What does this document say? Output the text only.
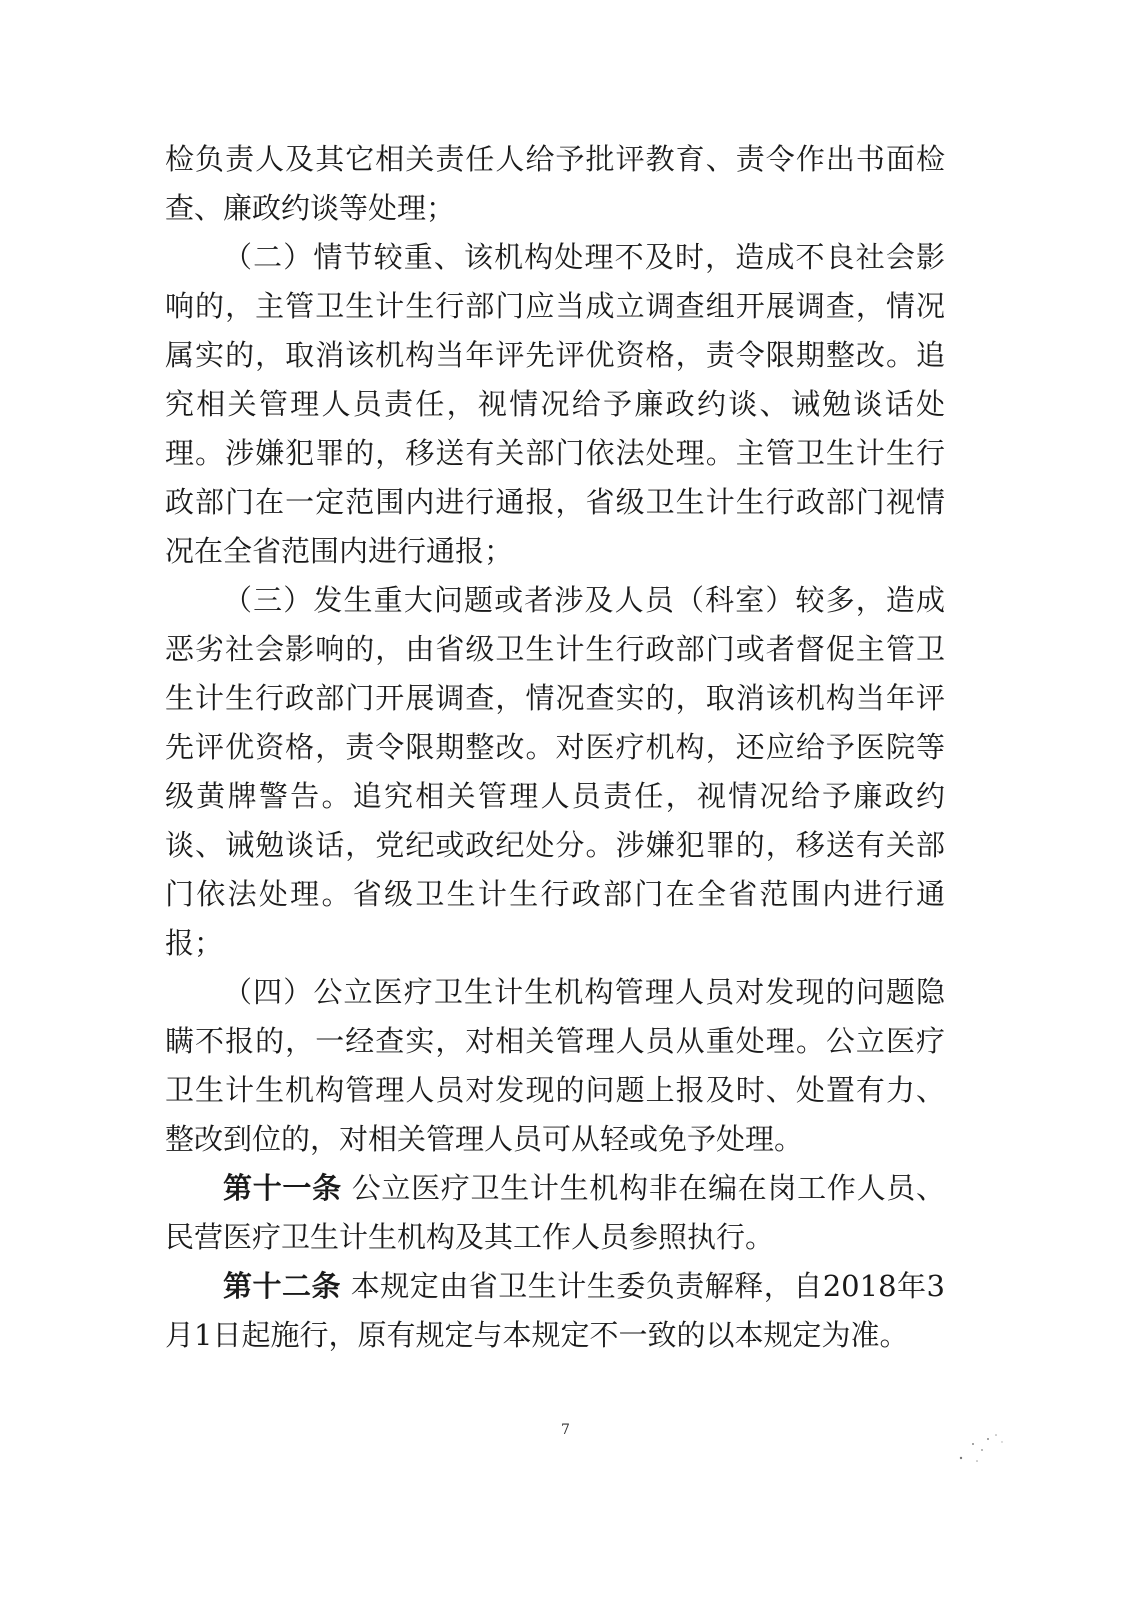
检负责人及其它相关责任人给予批评教育、责令作出书面检查、廉政约谈等处理；

（二）情节较重、该机构处理不及时，造成不良社会影响的，主管卫生计生行部门应当成立调查组开展调查，情况属实的，取消该机构当年评先评优资格，责令限期整改。追究相关管理人员责任，视情况给予廉政约谈、诫勉谈话处理。涉嫌犯罪的，移送有关部门依法处理。主管卫生计生行政部门在一定范围内进行通报，省级卫生计生行政部门视情况在全省范围内进行通报；

（三）发生重大问题或者涉及人员（科室）较多，造成恶劣社会影响的，由省级卫生计生行政部门或者督促主管卫生计生行政部门开展调查，情况查实的，取消该机构当年评先评优资格，责令限期整改。对医疗机构，还应给予医院等级黄牌警告。追究相关管理人员责任，视情况给予廉政约谈、诫勉谈话，党纪或政纪处分。涉嫌犯罪的，移送有关部门依法处理。省级卫生计生行政部门在全省范围内进行通报；

（四）公立医疗卫生计生机构管理人员对发现的问题隐瞒不报的，一经查实，对相关管理人员从重处理。公立医疗卫生计生机构管理人员对发现的问题上报及时、处置有力、整改到位的，对相关管理人员可从轻或免予处理。

第十一条 公立医疗卫生计生机构非在编在岗工作人员、民营医疗卫生计生机构及其工作人员参照执行。

第十二条 本规定由省卫生计生委负责解释，自2018年3月1日起施行，原有规定与本规定不一致的以本规定为准。

7
